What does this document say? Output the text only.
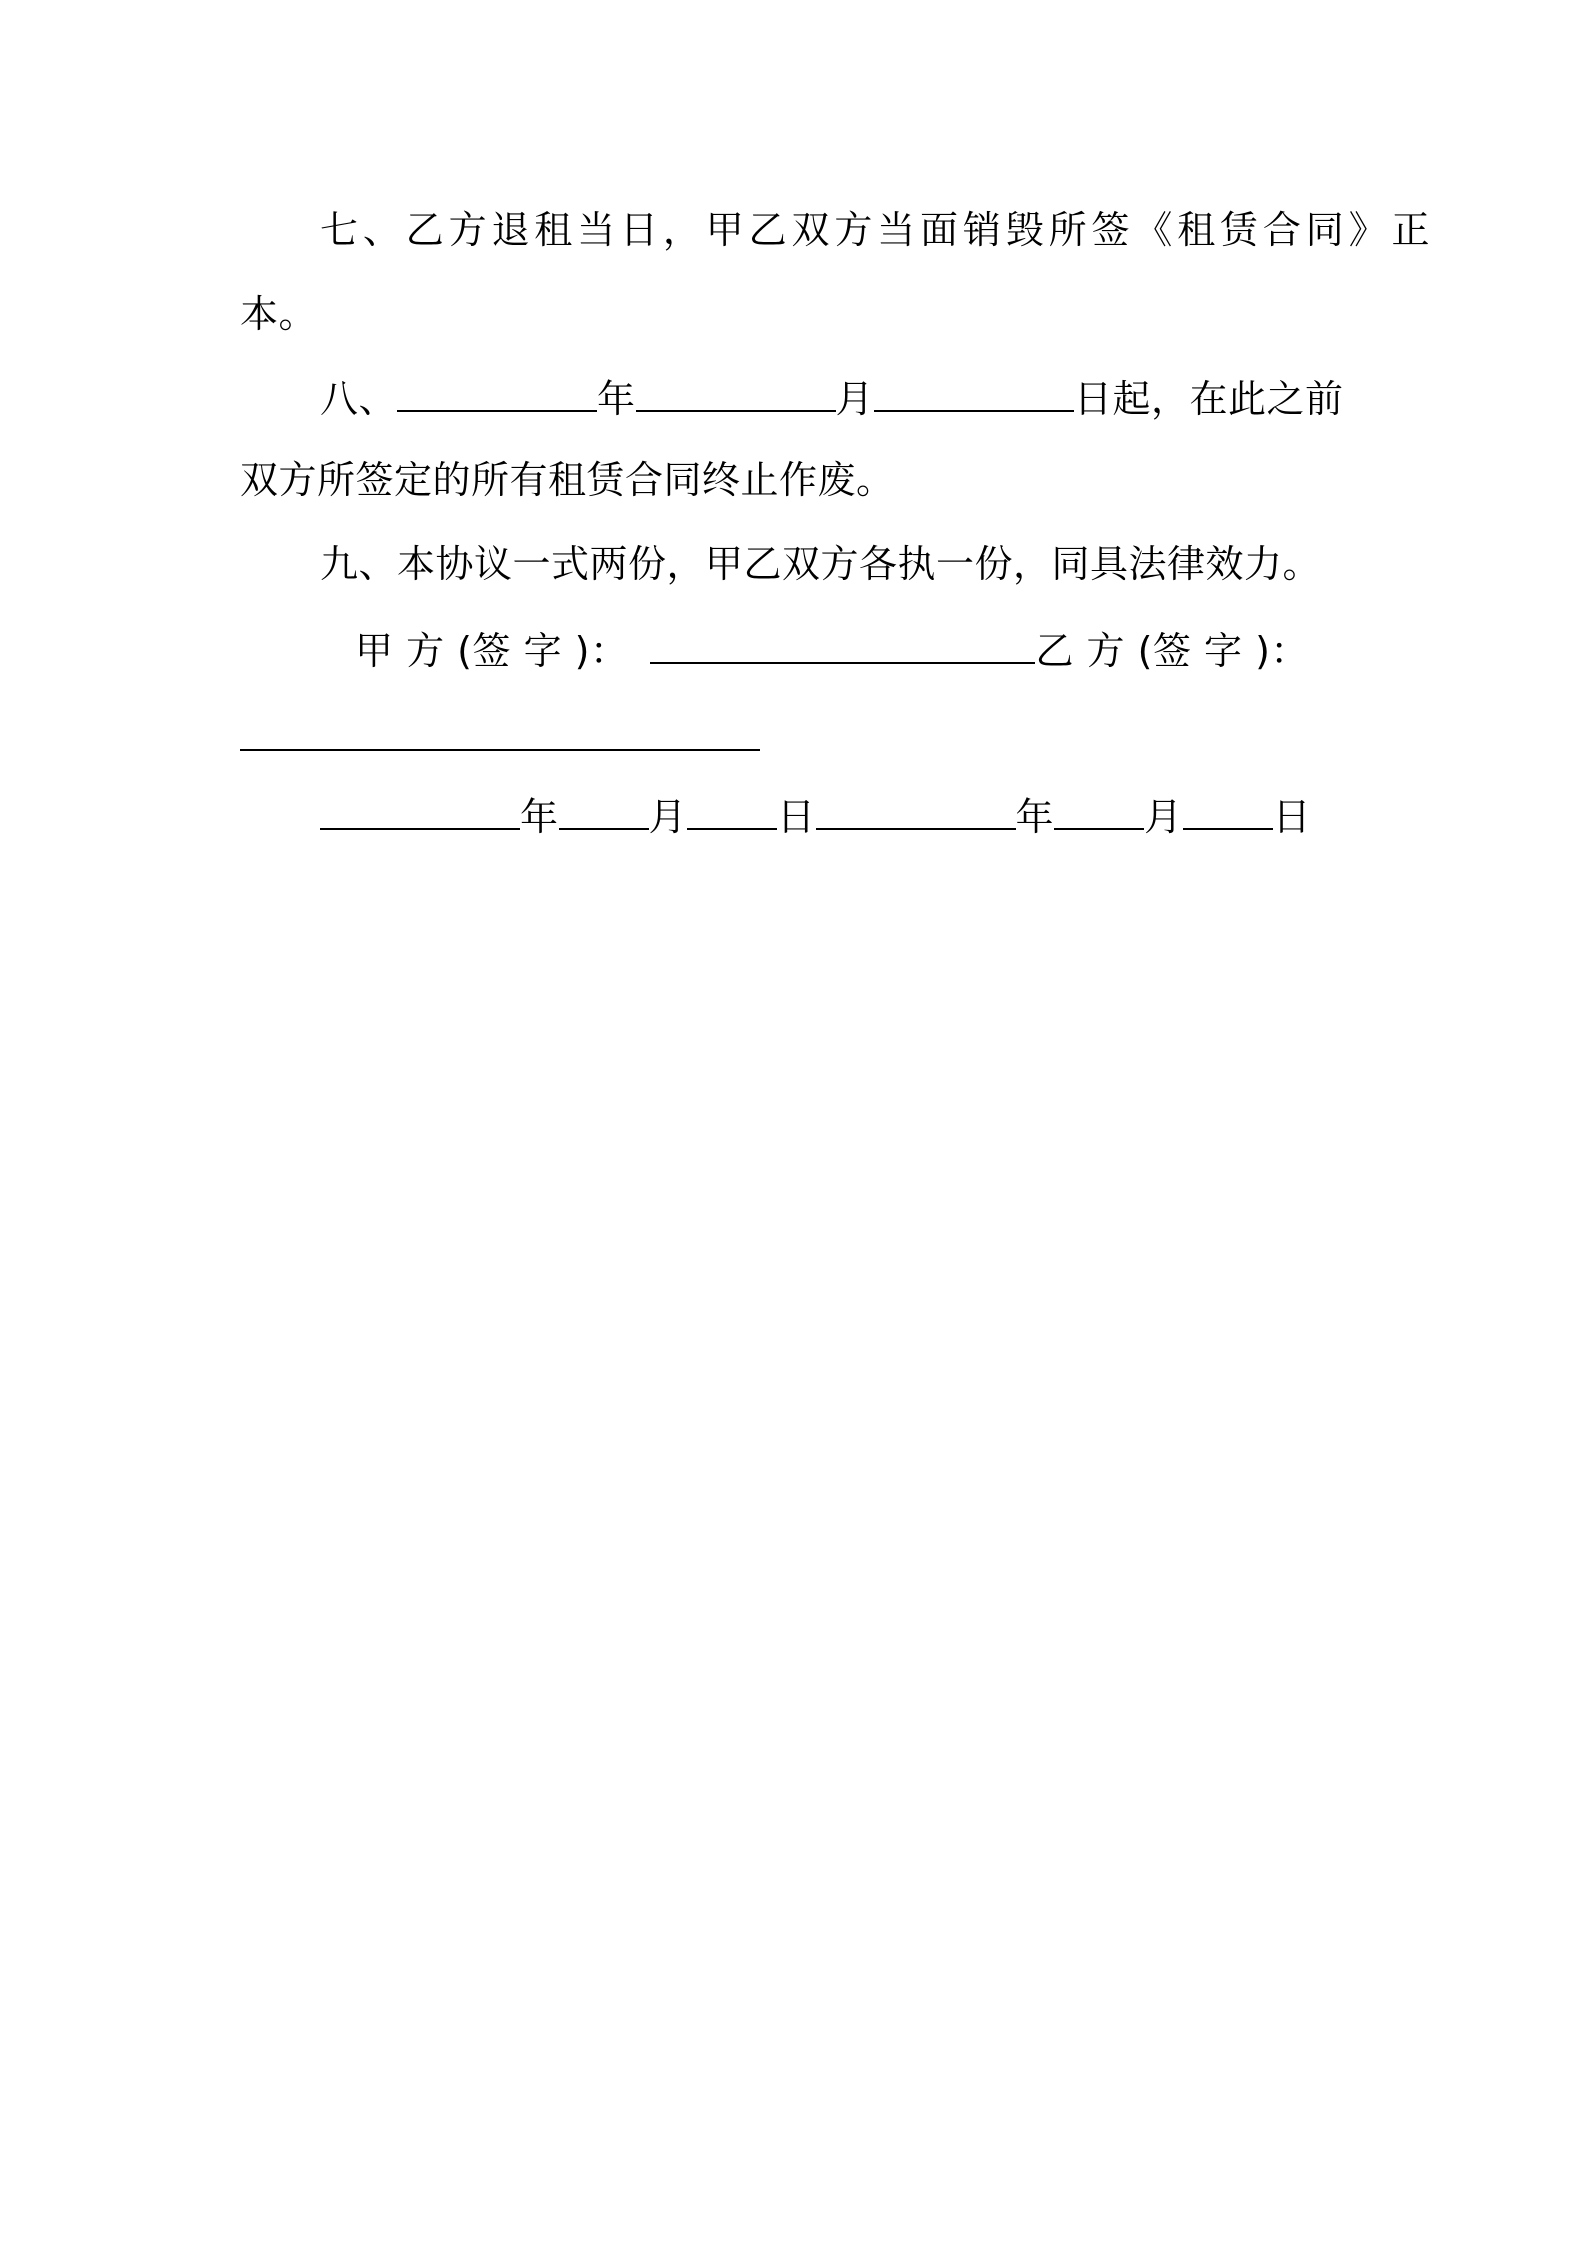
七、乙方退租当日，甲乙双方当面销毁所签《租赁合同》正
本。
八、	年	月	日起，在此之前
双方所签定的所有租赁合同终止作废。
九、本协议一式两份，甲乙双方各执一份，同具法律效力。
甲 方 (签 字 )：	乙 方 (签 字 )：
年 月 日	年 月 日
